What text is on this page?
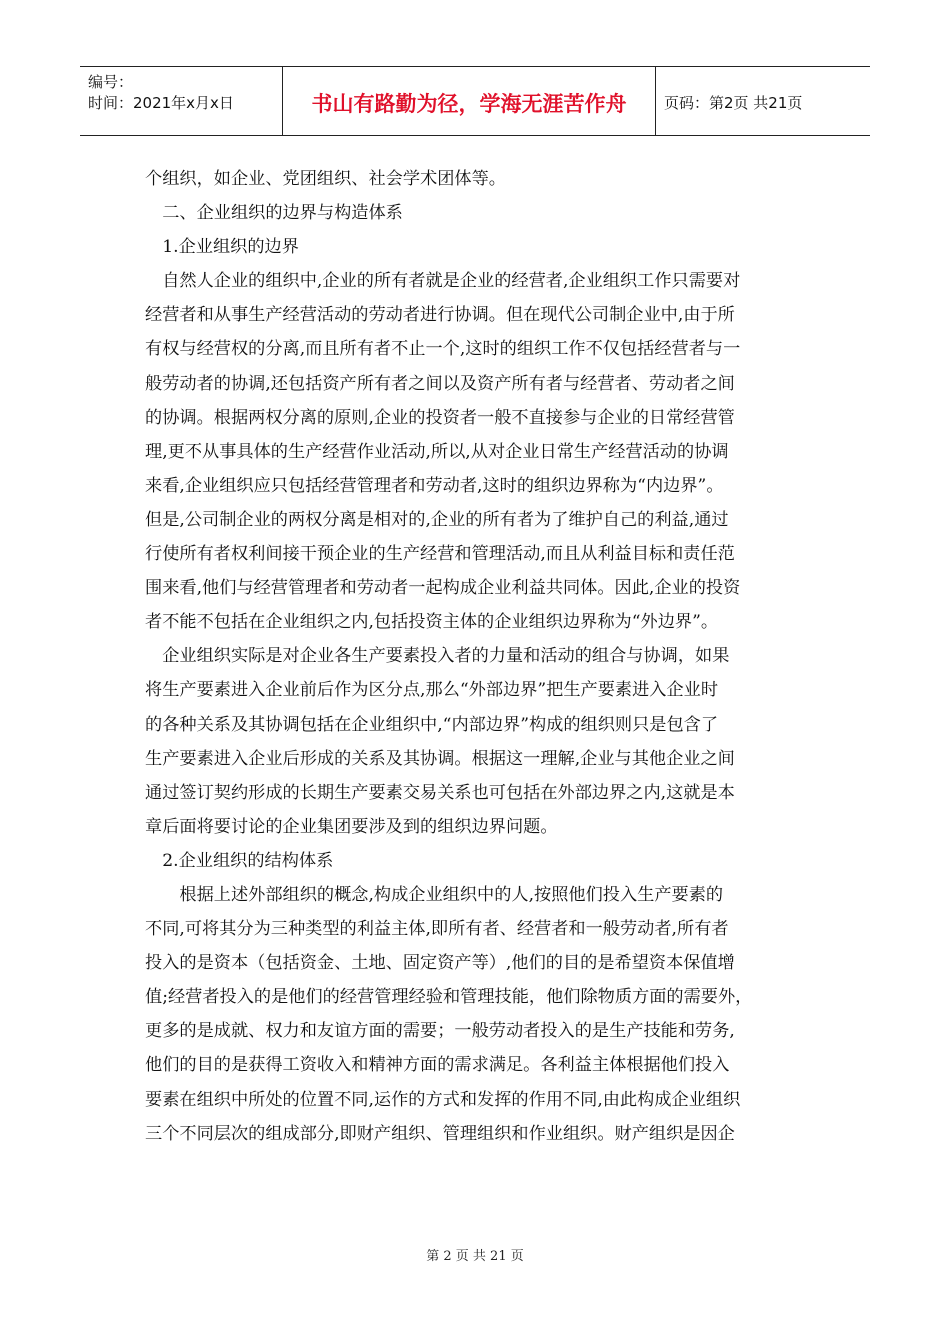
编号：
时间：2021年x月x日	书山有路勤为径，学海无涯苦作舟	页码：第2页 共21页

个组织，如企业、党团组织、社会学术团体等。

　二、企业组织的边界与构造体系

　1.企业组织的边界

　自然人企业的组织中,企业的所有者就是企业的经营者,企业组织工作只需要对

经营者和从事生产经营活动的劳动者进行协调。但在现代公司制企业中,由于所

有权与经营权的分离,而且所有者不止一个,这时的组织工作不仅包括经营者与一

般劳动者的协调,还包括资产所有者之间以及资产所有者与经营者、劳动者之间

的协调。根据两权分离的原则,企业的投资者一般不直接参与企业的日常经营管

理,更不从事具体的生产经营作业活动,所以,从对企业日常生产经营活动的协调

来看,企业组织应只包括经营管理者和劳动者,这时的组织边界称为“内边界”。

但是,公司制企业的两权分离是相对的,企业的所有者为了维护自己的利益,通过

行使所有者权利间接干预企业的生产经营和管理活动,而且从利益目标和责任范

围来看,他们与经营管理者和劳动者一起构成企业利益共同体。因此,企业的投资

者不能不包括在企业组织之内,包括投资主体的企业组织边界称为“外边界”。

　企业组织实际是对企业各生产要素投入者的力量和活动的组合与协调，如果

将生产要素进入企业前后作为区分点,那么“外部边界”把生产要素进入企业时

的各种关系及其协调包括在企业组织中,“内部边界”构成的组织则只是包含了

生产要素进入企业后形成的关系及其协调。根据这一理解,企业与其他企业之间

通过签订契约形成的长期生产要素交易关系也可包括在外部边界之内,这就是本

章后面将要讨论的企业集团要涉及到的组织边界问题。

　2.企业组织的结构体系

　　根据上述外部组织的概念,构成企业组织中的人,按照他们投入生产要素的

不同,可将其分为三种类型的利益主体,即所有者、经营者和一般劳动者,所有者

投入的是资本（包括资金、土地、固定资产等）,他们的目的是希望资本保值增

值;经营者投入的是他们的经营管理经验和管理技能，他们除物质方面的需要外，

更多的是成就、权力和友谊方面的需要；一般劳动者投入的是生产技能和劳务,

他们的目的是获得工资收入和精神方面的需求满足。各利益主体根据他们投入

要素在组织中所处的位置不同,运作的方式和发挥的作用不同,由此构成企业组织

三个不同层次的组成部分,即财产组织、管理组织和作业组织。财产组织是因企

第 2 页 共 21 页
